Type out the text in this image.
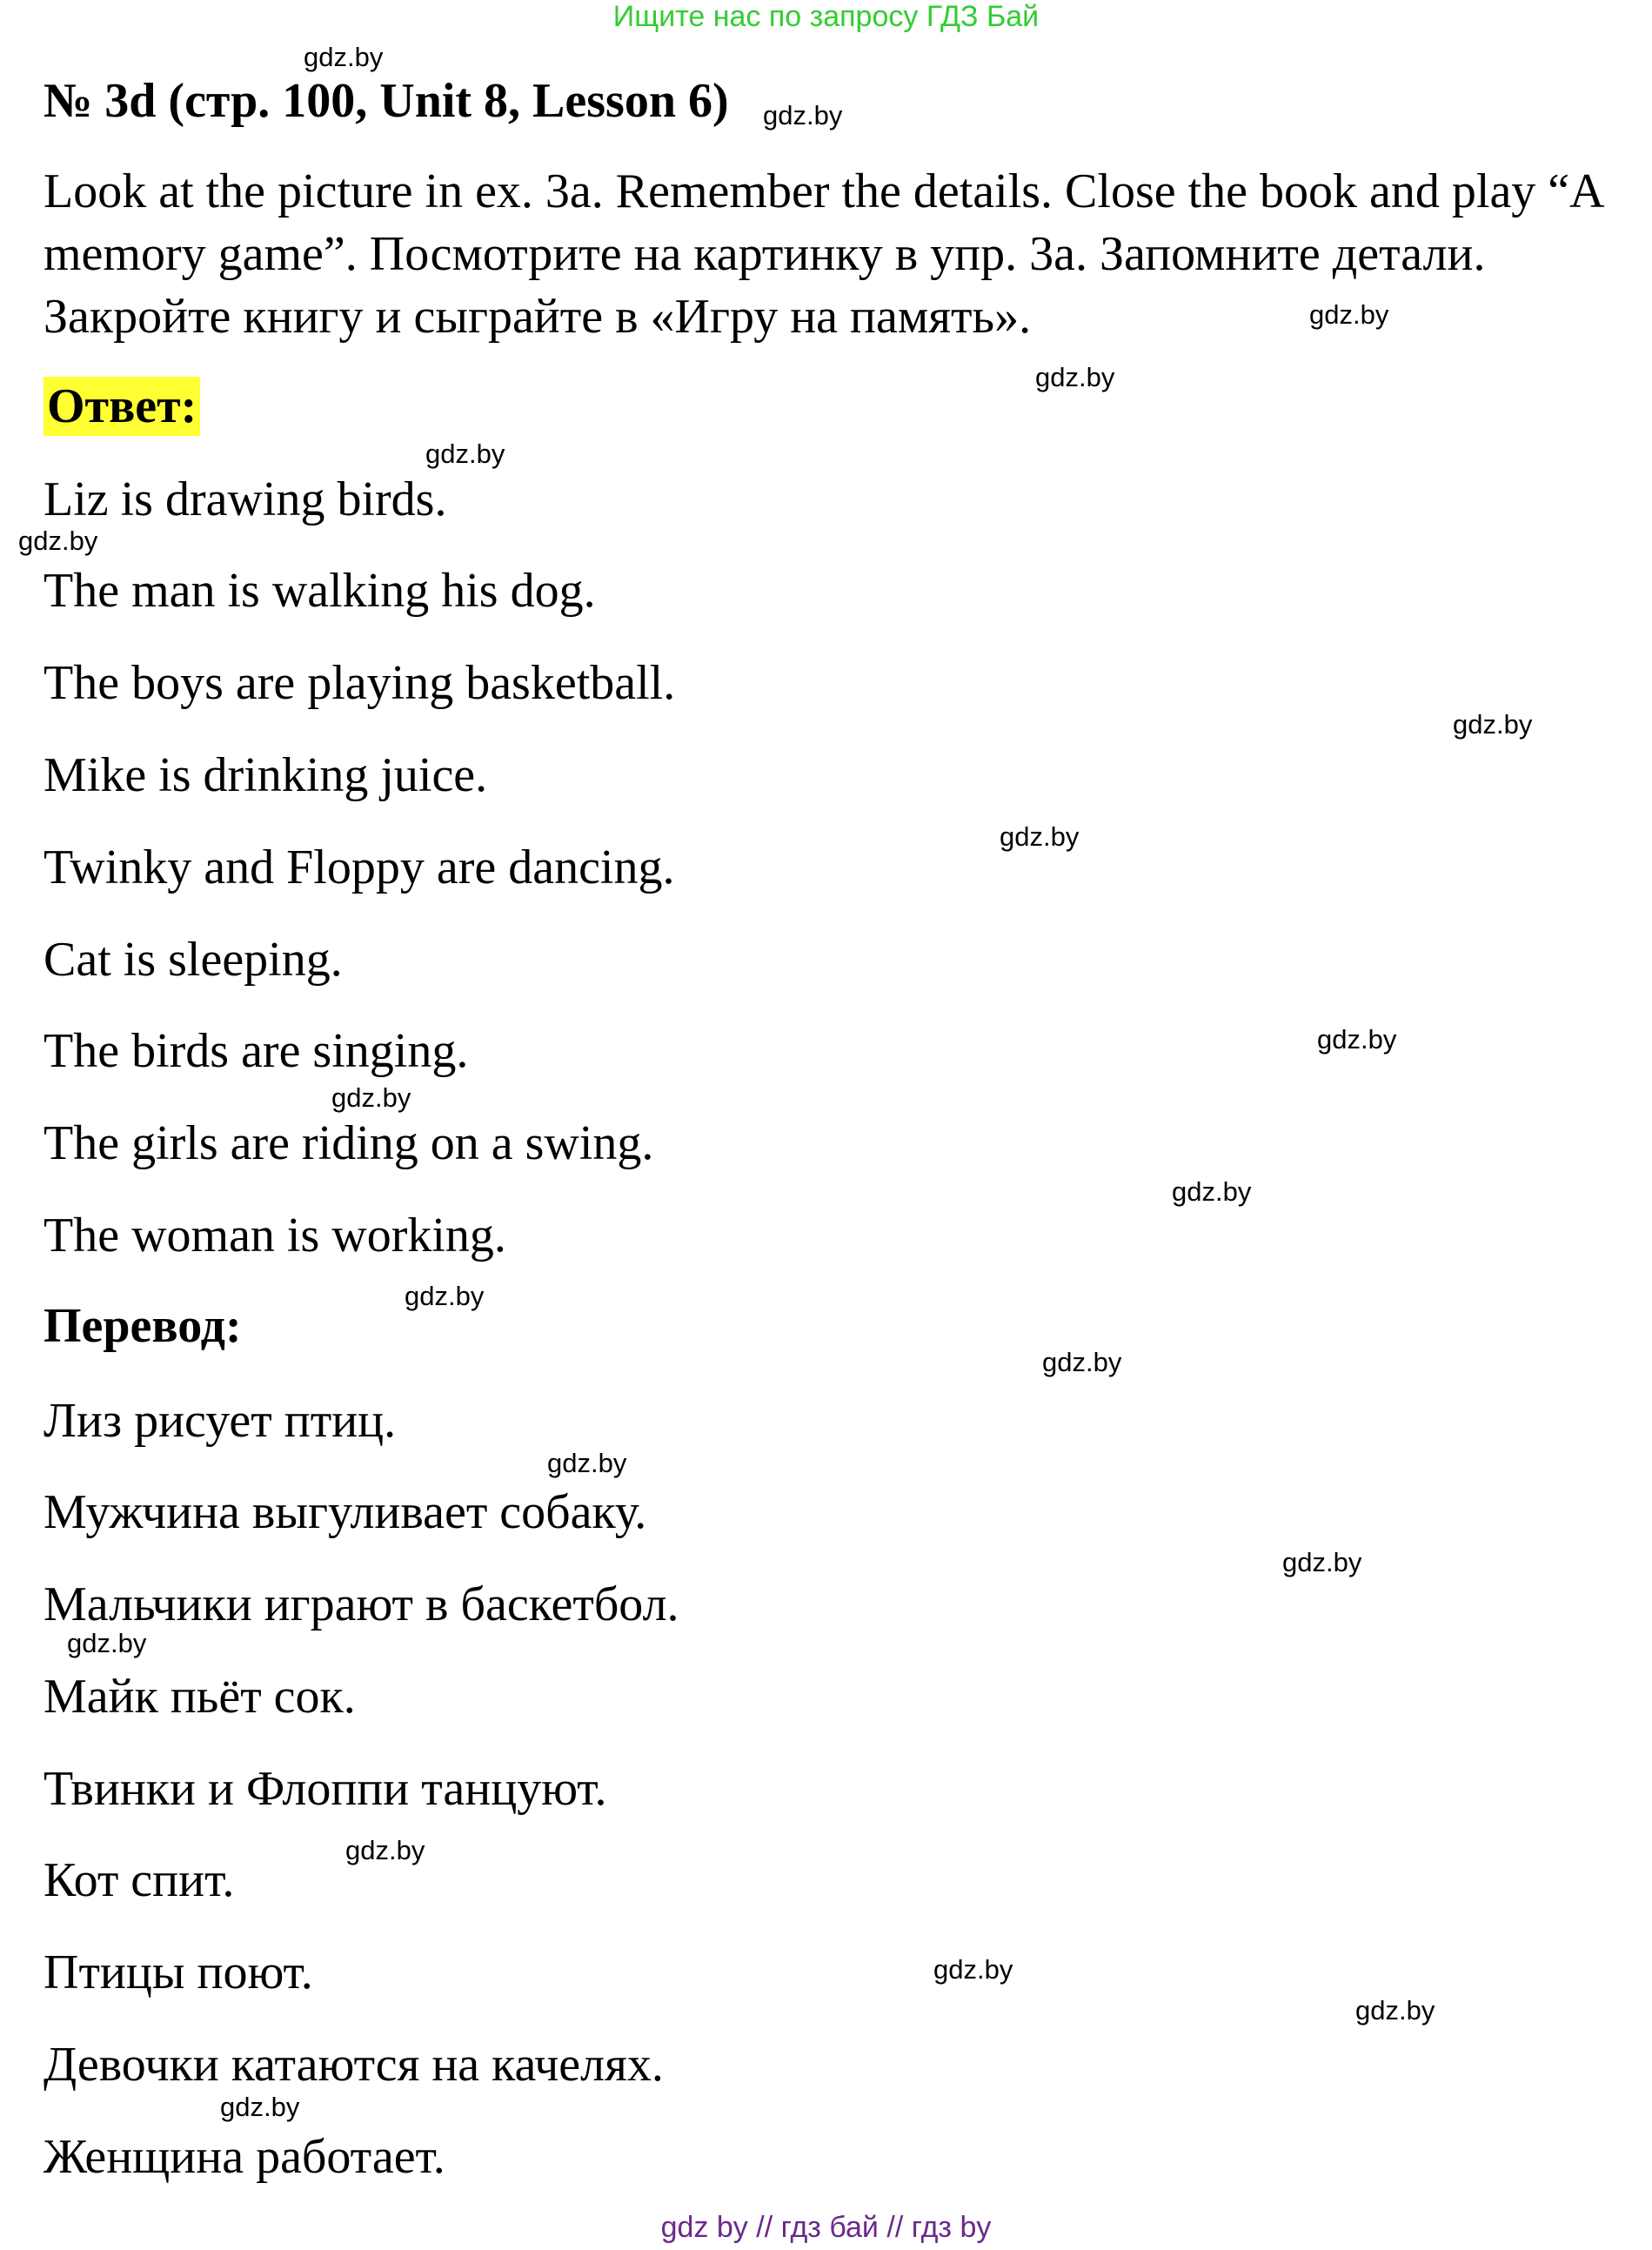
Ищите нас по запросу ГДЗ Бай
№ 3d (стр. 100, Unit 8, Lesson 6)
Look at the picture in ex. 3a. Remember the details. Close the book and play “A memory game”. Посмотрите на картинку в упр. 3a. Запомните детали. Закройте книгу и сыграйте в «Игру на память».
Ответ:
Liz is drawing birds.
The man is walking his dog.
The boys are playing basketball.
Mike is drinking juice.
Twinky and Floppy are dancing.
Cat is sleeping.
The birds are singing.
The girls are riding on a swing.
The woman is working.
Перевод:
Лиз рисует птиц.
Мужчина выгуливает собаку.
Мальчики играют в баскетбол.
Майк пьёт сок.
Твинки и Флоппи танцуют.
Кот спит.
Птицы поют.
Девочки катаются на качелях.
Женщина работает.
gdz.by
gdz.by
gdz.by
gdz.by
gdz.by
gdz.by
gdz.by
gdz.by
gdz.by
gdz.by
gdz.by
gdz.by
gdz.by
gdz.by
gdz.by
gdz.by
gdz.by
gdz.by
gdz.by
gdz.by
gdz by // гдз бай // гдз by
